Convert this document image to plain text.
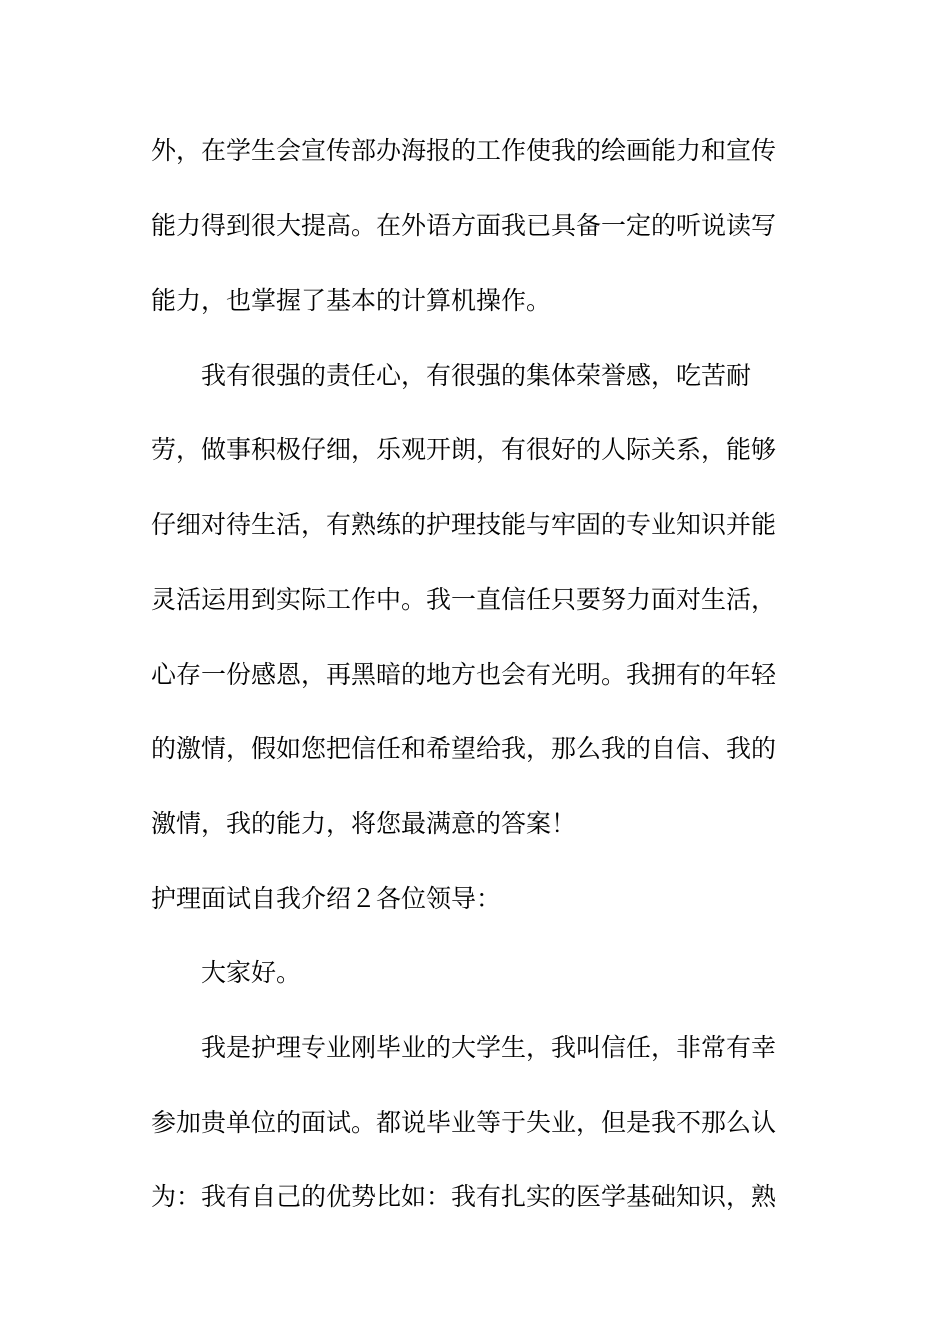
外，在学生会宣传部办海报的工作使我的绘画能力和宣传

能力得到很大提高。在外语方面我已具备一定的听说读写

能力，也掌握了基本的计算机操作。

我有很强的责任心，有很强的集体荣誉感，吃苦耐

劳，做事积极仔细，乐观开朗，有很好的人际关系，能够

仔细对待生活，有熟练的护理技能与牢固的专业知识并能

灵活运用到实际工作中。我一直信任只要努力面对生活，

心存一份感恩，再黑暗的地方也会有光明。我拥有的年轻

的激情，假如您把信任和希望给我，那么我的自信、我的

激情，我的能力，将您最满意的答案！

护理面试自我介绍２各位领导：

大家好。

我是护理专业刚毕业的大学生，我叫信任，非常有幸

参加贵单位的面试。都说毕业等于失业，但是我不那么认

为：我有自己的优势比如：我有扎实的医学基础知识，熟
